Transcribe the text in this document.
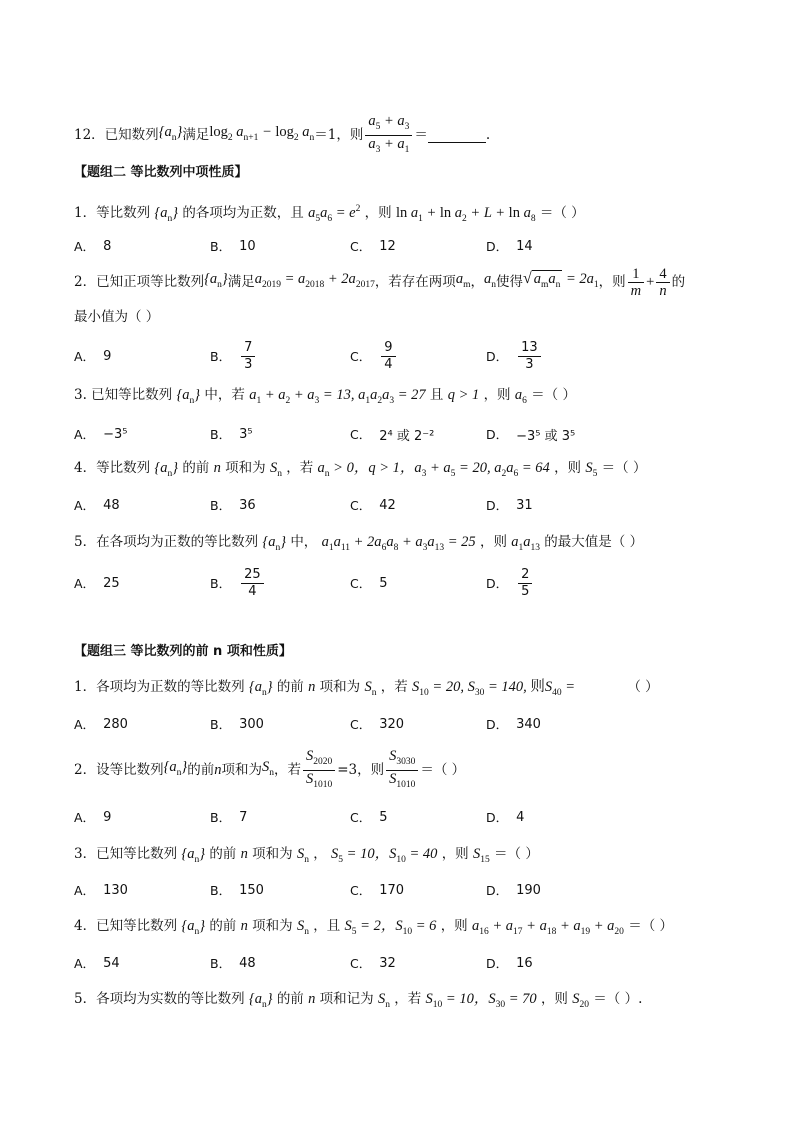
12．已知数列 $\{a_n\}$ 满足 $\log_2 a_{n+1} - \log_2 a_n =1$，则 $\frac{a_5 + a_3}{a_3 + a_1}$ ＝	.
【题组二 等比数列中项性质】
1．等比数列 $\{a_n\}$ 的各项均为正数，且 $a_5a_6 = e^2$ ，则 $\ln a_1 + \ln a_2 + L + \ln a_8$ ＝（ ）
A． 8	B． 10	C． 12	D． 14
2．已知正项等比数列 $\{a_n\}$ 满足 $a_{2019} = a_{2018} + 2a_{2017}$ ，若存在两项 $a_m$ ， $a_n$ 使得 √ $a_ma_n = 2a_1$ ，则 $\frac{1}{m} + \frac{4}{n}$ 的
最小值为（ ）
A． 9	B． $\frac{7}{3}$	C． $\frac{9}{4}$	D． $\frac{13}{3}$
3. 已知等比数列 $\{a_n\}$ 中，若 $a_1 + a_2 + a_3 = 13$, $a_1a_2a_3 = 27$ 且 q > 1 ，则 $a_6$ ＝（ ）
A． −3⁵	B． 3⁵	C． 2⁴ 或 2⁻²	D． −3⁵ 或 3⁵
4．等比数列 $\{a_n\}$ 的前 n 项和为 $S_n$ ，若 $a_n > 0$，q > 1，$a_3 + a_5 = 20$, $a_2a_6 = 64$ ，则 $S_5$ ＝（ ）
A． 48	B． 36	C． 42	D． 31
5．在各项均为正数的等比数列 $\{a_n\}$ 中， $a_1a_{11} + 2a_6a_8 + a_3a_{13} = 25$ ，则 $a_1a_{13}$ 的最大值是（ ）
A． 25	B． $\frac{25}{4}$	C． 5	D． $\frac{2}{5}$
【题组三 等比数列的前 n 项和性质】
1．各项均为正数的等比数列 $\{a_n\}$ 的前 n 项和为 $S_n$ ，若 $S_{10} = 20$, $S_{30} = 140$, 则$S_{40}$ =	（ ）
A． 280	B． 300	C． 320	D． 340
2．设等比数列 $\{a_n\}$ 的前 n 项和为 $S_n$ ，若 $\frac{S_{2020}}{S_{1010}} =3$，则 $\frac{S_{3030}}{S_{1010}}$ ＝（ ）
A． 9	B． 7	C． 5	D． 4
3．已知等比数列 $\{a_n\}$ 的前 n 项和为 $S_n$ ， $S_5 = 10$，$S_{10} = 40$ ，则 $S_{15}$ ＝（ ）
A． 130	B． 150	C． 170	D． 190
4．已知等比数列 $\{a_n\}$ 的前 n 项和为 $S_n$ ，且 $S_5 = 2$，$S_{10} = 6$ ，则 $a_{16} + a_{17} + a_{18} + a_{19} + a_{20}$ ＝（ ）
A． 54	B． 48	C． 32	D． 16
5．各项均为实数的等比数列 $\{a_n\}$ 的前 n 项和记为 $S_n$ ，若 $S_{10} = 10$，$S_{30} = 70$ ，则 $S_{20}$ ＝（ ）.
